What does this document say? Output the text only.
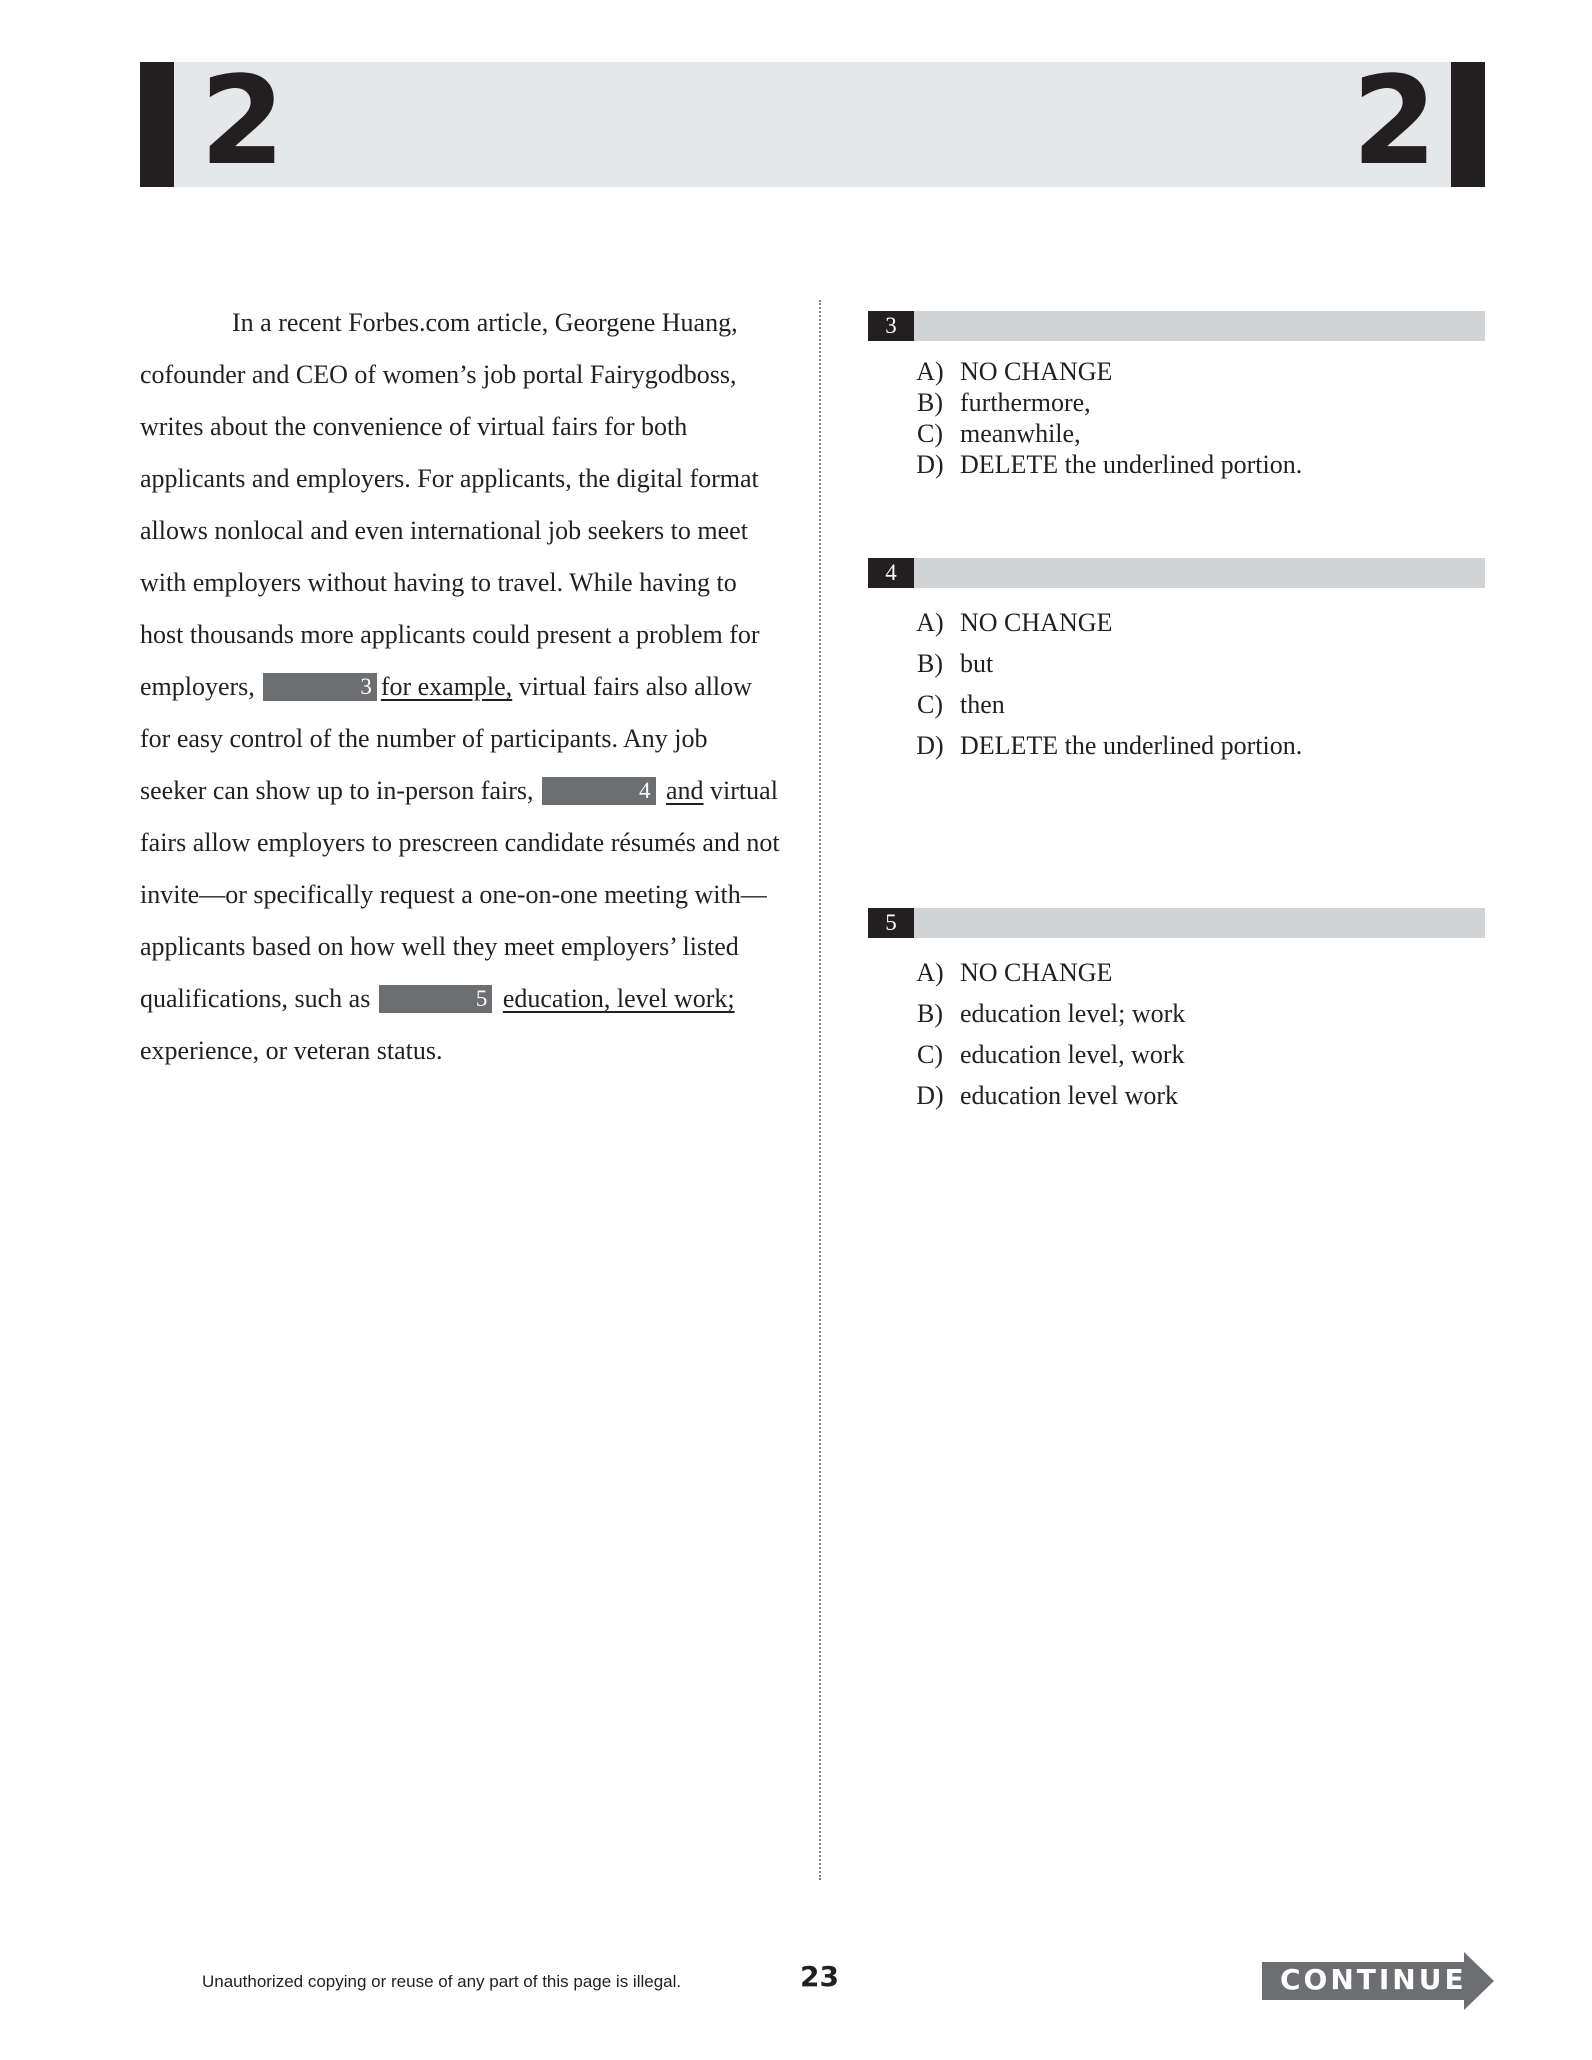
2	2

In a recent Forbes.com article, Georgene Huang, cofounder and CEO of women’s job portal Fairygodboss, writes about the convenience of virtual fairs for both applicants and employers. For applicants, the digital format allows nonlocal and even international job seekers to meet with employers without having to travel. While having to host thousands more applicants could present a problem for employers,	3 for example, virtual fairs also allow for easy control of the number of participants. Any job seeker can show up to in-person fairs,	4 and virtual fairs allow employers to prescreen candidate résumés and not invite—or specifically request a one-on-one meeting with—applicants based on how well they meet employers’ listed qualifications, such as	5 education, level work; experience, or veteran status.

3
A) NO CHANGE
B) furthermore,
C) meanwhile,
D) DELETE the underlined portion.
4
A) NO CHANGE
B) but
C) then
D) DELETE the underlined portion.
5
A) NO CHANGE
B) education level; work
C) education level, work
D) education level work
Unauthorized copying or reuse of any part of this page is illegal.	23	CONTINUE
